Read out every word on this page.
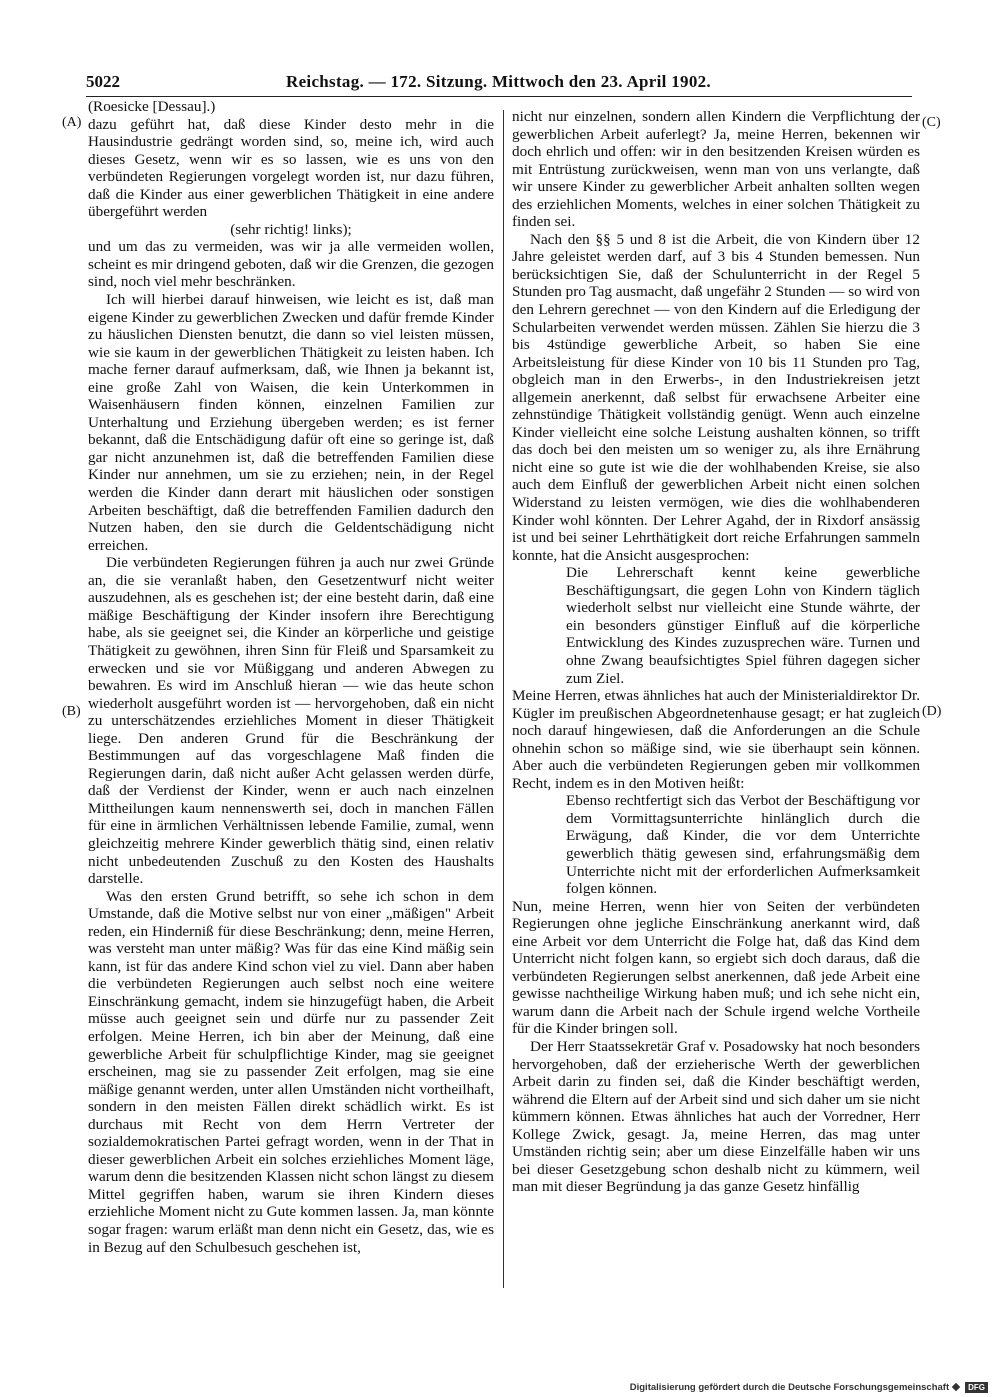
5022	Reichstag. — 172. Sitzung. Mittwoch den 23. April 1902.
(A)
(B)
(C)
(D)

(Roesicke [Dessau].)

dazu geführt hat, daß diese Kinder desto mehr in die Hausindustrie gedrängt worden sind, so, meine ich, wird auch dieses Gesetz, wenn wir es so lassen, wie es uns von den verbündeten Regierungen vorgelegt worden ist, nur dazu führen, daß die Kinder aus einer gewerblichen Thätigkeit in eine andere übergeführt werden

(sehr richtig! links);

und um das zu vermeiden, was wir ja alle vermeiden wollen, scheint es mir dringend geboten, daß wir die Grenzen, die gezogen sind, noch viel mehr beschränken.

Ich will hierbei darauf hinweisen, wie leicht es ist, daß man eigene Kinder zu gewerblichen Zwecken und dafür fremde Kinder zu häuslichen Diensten benutzt, die dann so viel leisten müssen, wie sie kaum in der gewerblichen Thätigkeit zu leisten haben. Ich mache ferner darauf aufmerksam, daß, wie Ihnen ja bekannt ist, eine große Zahl von Waisen, die kein Unterkommen in Waisenhäusern finden können, einzelnen Familien zur Unterhaltung und Erziehung übergeben werden; es ist ferner bekannt, daß die Entschädigung dafür oft eine so geringe ist, daß gar nicht anzunehmen ist, daß die betreffenden Familien diese Kinder nur annehmen, um sie zu erziehen; nein, in der Regel werden die Kinder dann derart mit häuslichen oder sonstigen Arbeiten beschäftigt, daß die betreffenden Familien dadurch den Nutzen haben, den sie durch die Geldentschädigung nicht erreichen.

Die verbündeten Regierungen führen ja auch nur zwei Gründe an, die sie veranlaßt haben, den Gesetzentwurf nicht weiter auszudehnen, als es geschehen ist; der eine besteht darin, daß eine mäßige Beschäftigung der Kinder insofern ihre Berechtigung habe, als sie geeignet sei, die Kinder an körperliche und geistige Thätigkeit zu gewöhnen, ihren Sinn für Fleiß und Sparsamkeit zu erwecken und sie vor Müßiggang und anderen Abwegen zu bewahren. Es wird im Anschluß hieran — wie das heute schon wiederholt ausgeführt worden ist — hervorgehoben, daß ein nicht zu unterschätzendes erziehliches Moment in dieser Thätigkeit liege. Den anderen Grund für die Beschränkung der Bestimmungen auf das vorgeschlagene Maß finden die Regierungen darin, daß nicht außer Acht gelassen werden dürfe, daß der Verdienst der Kinder, wenn er auch nach einzelnen Mittheilungen kaum nennenswerth sei, doch in manchen Fällen für eine in ärmlichen Verhältnissen lebende Familie, zumal, wenn gleichzeitig mehrere Kinder gewerblich thätig sind, einen relativ nicht unbedeutenden Zuschuß zu den Kosten des Haushalts darstelle.

Was den ersten Grund betrifft, so sehe ich schon in dem Umstande, daß die Motive selbst nur von einer „mäßigen" Arbeit reden, ein Hinderniß für diese Beschränkung; denn, meine Herren, was versteht man unter mäßig? Was für das eine Kind mäßig sein kann, ist für das andere Kind schon viel zu viel. Dann aber haben die verbündeten Regierungen auch selbst noch eine weitere Einschränkung gemacht, indem sie hinzugefügt haben, die Arbeit müsse auch geeignet sein und dürfe nur zu passender Zeit erfolgen. Meine Herren, ich bin aber der Meinung, daß eine gewerbliche Arbeit für schulpflichtige Kinder, mag sie geeignet erscheinen, mag sie zu passender Zeit erfolgen, mag sie eine mäßige genannt werden, unter allen Umständen nicht vortheilhaft, sondern in den meisten Fällen direkt schädlich wirkt. Es ist durchaus mit Recht von dem Herrn Vertreter der sozialdemokratischen Partei gefragt worden, wenn in der That in dieser gewerblichen Arbeit ein solches erziehliches Moment läge, warum denn die besitzenden Klassen nicht schon längst zu diesem Mittel gegriffen haben, warum sie ihren Kindern dieses erziehliche Moment nicht zu Gute kommen lassen. Ja, man könnte sogar fragen: warum erläßt man denn nicht ein Gesetz, das, wie es in Bezug auf den Schulbesuch geschehen ist,

nicht nur einzelnen, sondern allen Kindern die Verpflichtung der gewerblichen Arbeit auferlegt? Ja, meine Herren, bekennen wir doch ehrlich und offen: wir in den besitzenden Kreisen würden es mit Entrüstung zurückweisen, wenn man von uns verlangte, daß wir unsere Kinder zu gewerblicher Arbeit anhalten sollten wegen des erziehlichen Moments, welches in einer solchen Thätigkeit zu finden sei.

Nach den §§ 5 und 8 ist die Arbeit, die von Kindern über 12 Jahre geleistet werden darf, auf 3 bis 4 Stunden bemessen. Nun berücksichtigen Sie, daß der Schulunterricht in der Regel 5 Stunden pro Tag ausmacht, daß ungefähr 2 Stunden — so wird von den Lehrern gerechnet — von den Kindern auf die Erledigung der Schularbeiten verwendet werden müssen. Zählen Sie hierzu die 3 bis 4stündige gewerbliche Arbeit, so haben Sie eine Arbeitsleistung für diese Kinder von 10 bis 11 Stunden pro Tag, obgleich man in den Erwerbs-, in den Industriekreisen jetzt allgemein anerkennt, daß selbst für erwachsene Arbeiter eine zehnstündige Thätigkeit vollständig genügt. Wenn auch einzelne Kinder vielleicht eine solche Leistung aushalten können, so trifft das doch bei den meisten um so weniger zu, als ihre Ernährung nicht eine so gute ist wie die der wohlhabenden Kreise, sie also auch dem Einfluß der gewerblichen Arbeit nicht einen solchen Widerstand zu leisten vermögen, wie dies die wohlhabenderen Kinder wohl könnten. Der Lehrer Agahd, der in Rixdorf ansässig ist und bei seiner Lehrthätigkeit dort reiche Erfahrungen sammeln konnte, hat die Ansicht ausgesprochen:

Die Lehrerschaft kennt keine gewerbliche Beschäftigungsart, die gegen Lohn von Kindern täglich wiederholt selbst nur vielleicht eine Stunde währte, der ein besonders günstiger Einfluß auf die körperliche Entwicklung des Kindes zuzusprechen wäre. Turnen und ohne Zwang beaufsichtigtes Spiel führen dagegen sicher zum Ziel.

Meine Herren, etwas ähnliches hat auch der Ministerialdirektor Dr. Kügler im preußischen Abgeordnetenhause gesagt; er hat zugleich noch darauf hingewiesen, daß die Anforderungen an die Schule ohnehin schon so mäßige sind, wie sie überhaupt sein können. Aber auch die verbündeten Regierungen geben mir vollkommen Recht, indem es in den Motiven heißt:

Ebenso rechtfertigt sich das Verbot der Beschäftigung vor dem Vormittagsunterrichte hinlänglich durch die Erwägung, daß Kinder, die vor dem Unterrichte gewerblich thätig gewesen sind, erfahrungsmäßig dem Unterrichte nicht mit der erforderlichen Aufmerksamkeit folgen können.

Nun, meine Herren, wenn hier von Seiten der verbündeten Regierungen ohne jegliche Einschränkung anerkannt wird, daß eine Arbeit vor dem Unterricht die Folge hat, daß das Kind dem Unterricht nicht folgen kann, so ergiebt sich doch daraus, daß die verbündeten Regierungen selbst anerkennen, daß jede Arbeit eine gewisse nachtheilige Wirkung haben muß; und ich sehe nicht ein, warum dann die Arbeit nach der Schule irgend welche Vortheile für die Kinder bringen soll.

Der Herr Staatssekretär Graf v. Posadowsky hat noch besonders hervorgehoben, daß der erzieherische Werth der gewerblichen Arbeit darin zu finden sei, daß die Kinder beschäftigt werden, während die Eltern auf der Arbeit sind und sich daher um sie nicht kümmern können. Etwas ähnliches hat auch der Vorredner, Herr Kollege Zwick, gesagt. Ja, meine Herren, das mag unter Umständen richtig sein; aber um diese Einzelfälle haben wir uns bei dieser Gesetzgebung schon deshalb nicht zu kümmern, weil man mit dieser Begründung ja das ganze Gesetz hinfällig

Digitalisierung gefördert durch die Deutsche Forschungsgemeinschaft	DFG
